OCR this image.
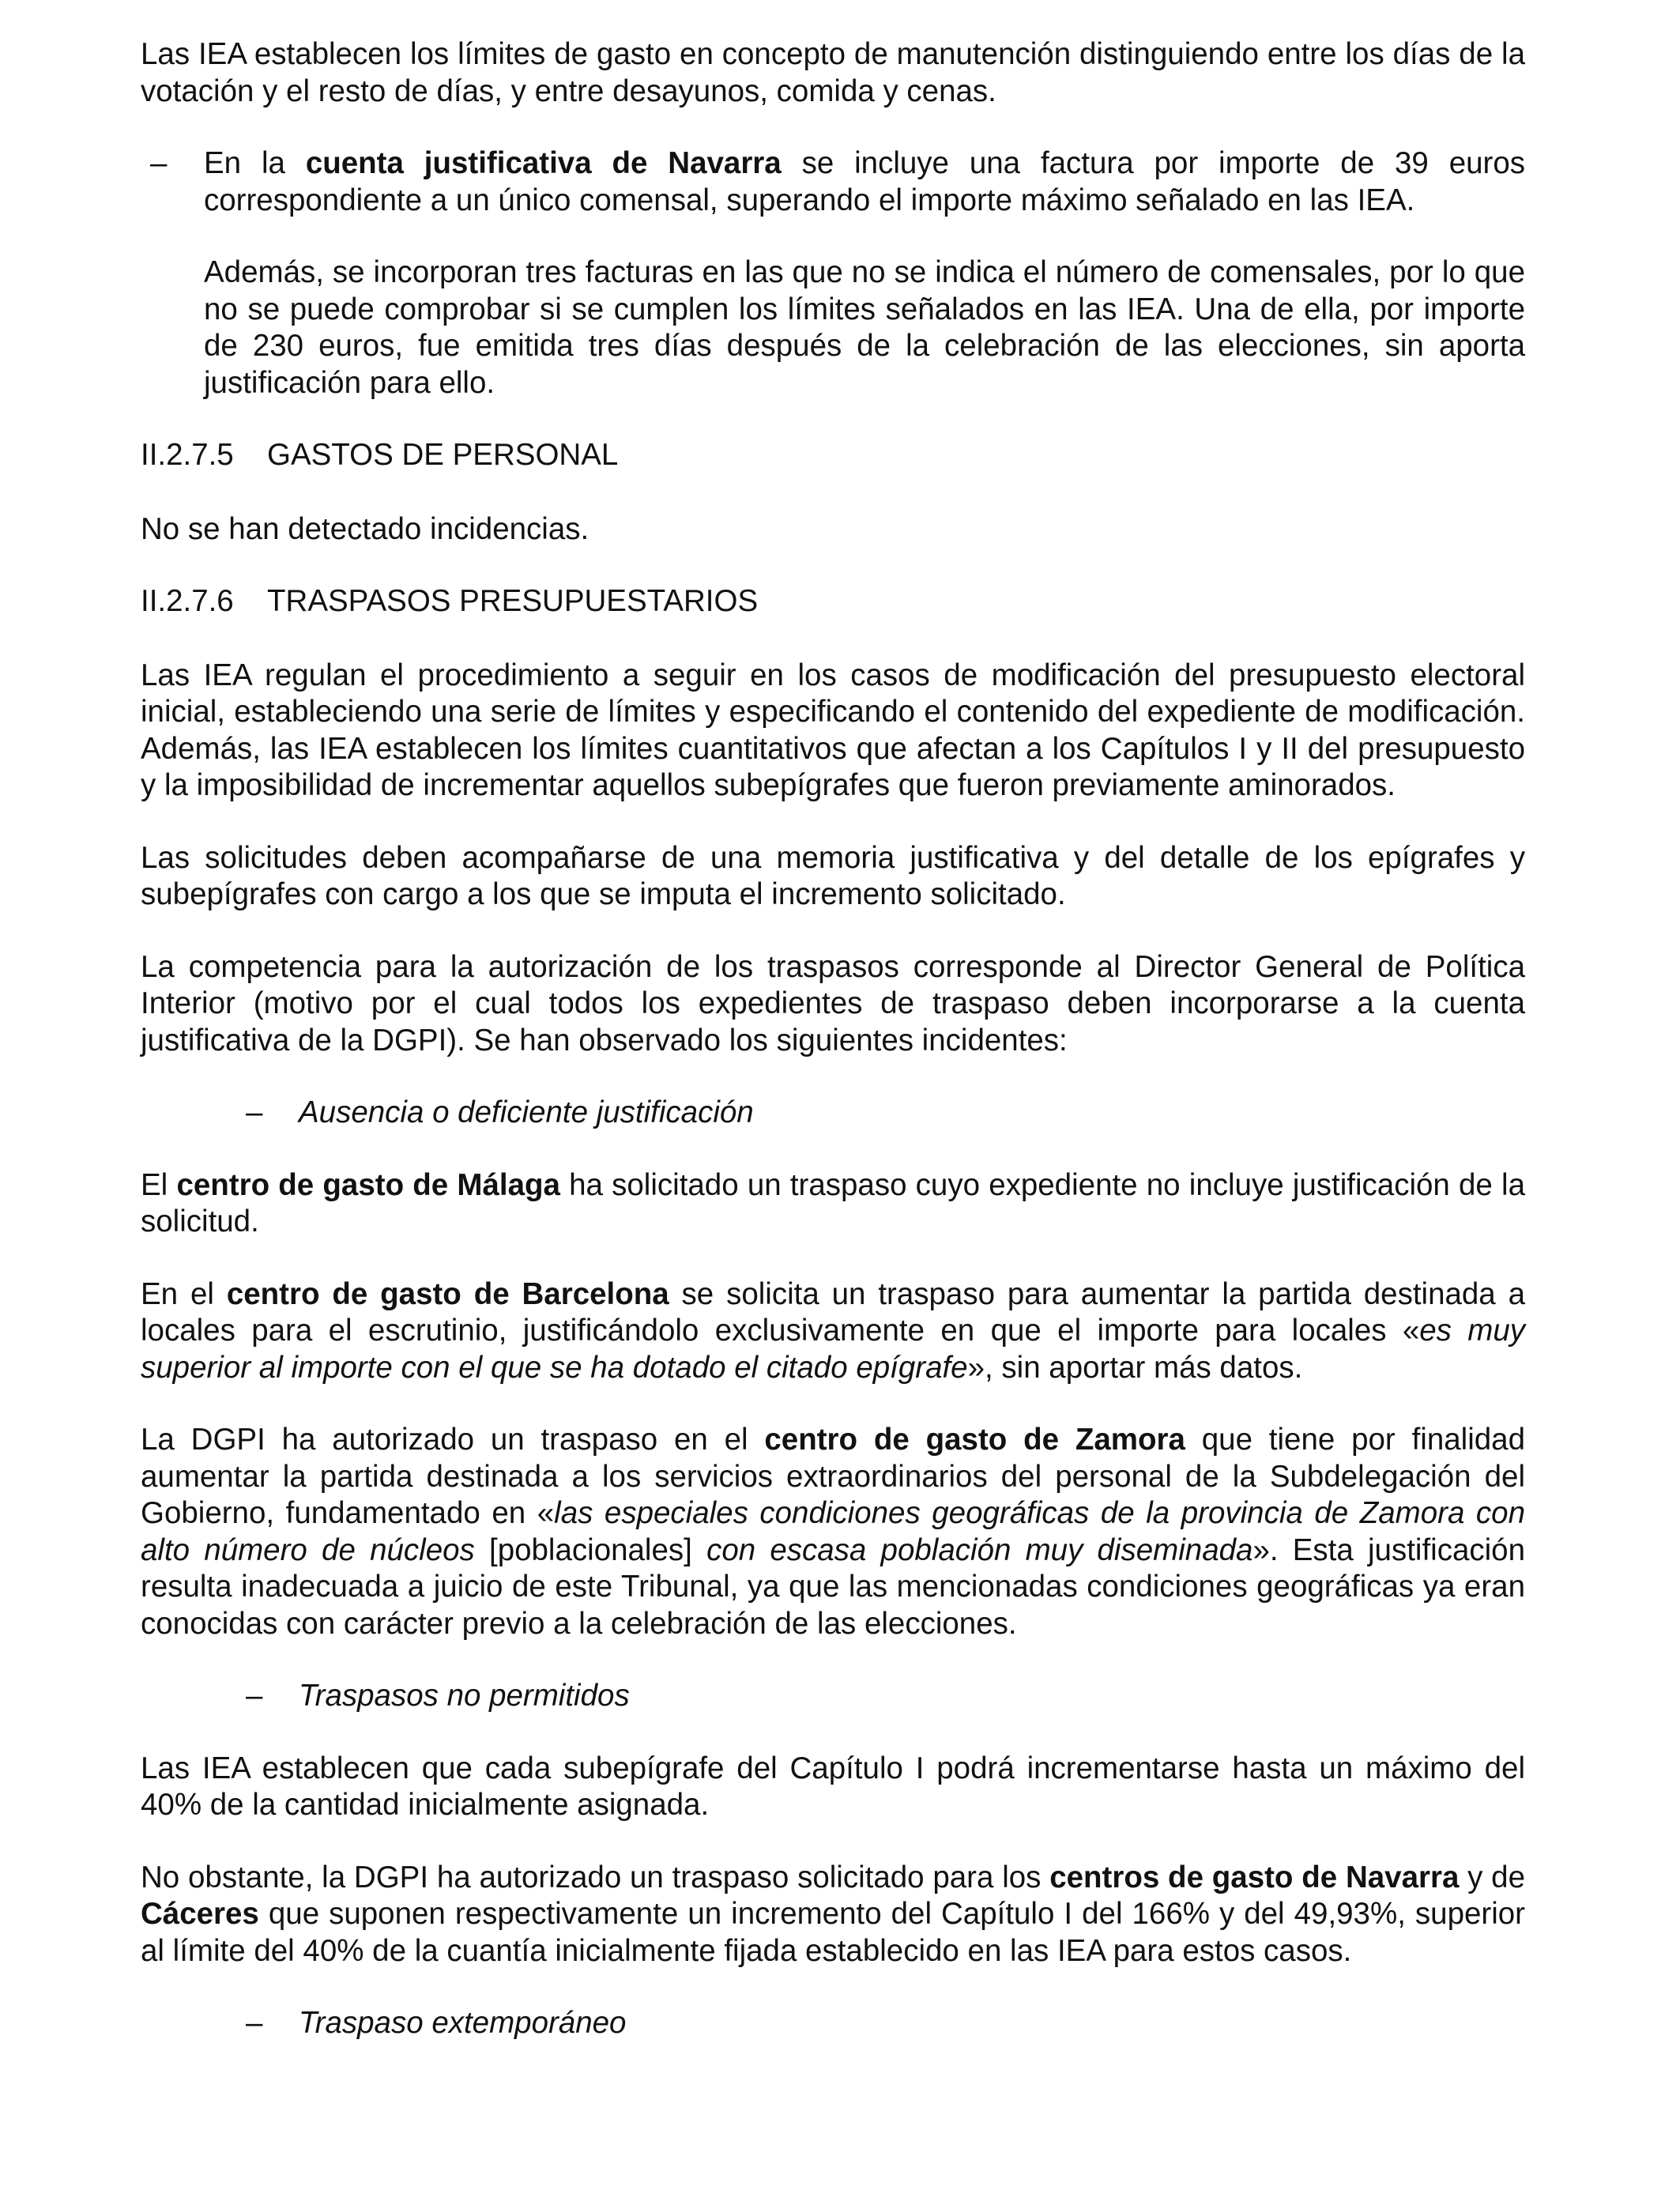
Las IEA establecen los límites de gasto en concepto de manutención distinguiendo entre los días de la votación y el resto de días, y entre desayunos, comida y cenas.

– En la cuenta justificativa de Navarra se incluye una factura por importe de 39 euros correspondiente a un único comensal, superando el importe máximo señalado en las IEA.

Además, se incorporan tres facturas en las que no se indica el número de comensales, por lo que no se puede comprobar si se cumplen los límites señalados en las IEA. Una de ella, por importe de 230 euros, fue emitida tres días después de la celebración de las elecciones, sin aporta justificación para ello.

II.2.7.5 GASTOS DE PERSONAL

No se han detectado incidencias.

II.2.7.6 TRASPASOS PRESUPUESTARIOS

Las IEA regulan el procedimiento a seguir en los casos de modificación del presupuesto electoral inicial, estableciendo una serie de límites y especificando el contenido del expediente de modificación. Además, las IEA establecen los límites cuantitativos que afectan a los Capítulos I y II del presupuesto y la imposibilidad de incrementar aquellos subepígrafes que fueron previamente aminorados.

Las solicitudes deben acompañarse de una memoria justificativa y del detalle de los epígrafes y subepígrafes con cargo a los que se imputa el incremento solicitado.

La competencia para la autorización de los traspasos corresponde al Director General de Política Interior (motivo por el cual todos los expedientes de traspaso deben incorporarse a la cuenta justificativa de la DGPI). Se han observado los siguientes incidentes:

– Ausencia o deficiente justificación

El centro de gasto de Málaga ha solicitado un traspaso cuyo expediente no incluye justificación de la solicitud.

En el centro de gasto de Barcelona se solicita un traspaso para aumentar la partida destinada a locales para el escrutinio, justificándolo exclusivamente en que el importe para locales «es muy superior al importe con el que se ha dotado el citado epígrafe», sin aportar más datos.

La DGPI ha autorizado un traspaso en el centro de gasto de Zamora que tiene por finalidad aumentar la partida destinada a los servicios extraordinarios del personal de la Subdelegación del Gobierno, fundamentado en «las especiales condiciones geográficas de la provincia de Zamora con alto número de núcleos [poblacionales] con escasa población muy diseminada». Esta justificación resulta inadecuada a juicio de este Tribunal, ya que las mencionadas condiciones geográficas ya eran conocidas con carácter previo a la celebración de las elecciones.

– Traspasos no permitidos

Las IEA establecen que cada subepígrafe del Capítulo I podrá incrementarse hasta un máximo del 40% de la cantidad inicialmente asignada.

No obstante, la DGPI ha autorizado un traspaso solicitado para los centros de gasto de Navarra y de Cáceres que suponen respectivamente un incremento del Capítulo I del 166% y del 49,93%, superior al límite del 40% de la cuantía inicialmente fijada establecido en las IEA para estos casos.

– Traspaso extemporáneo
